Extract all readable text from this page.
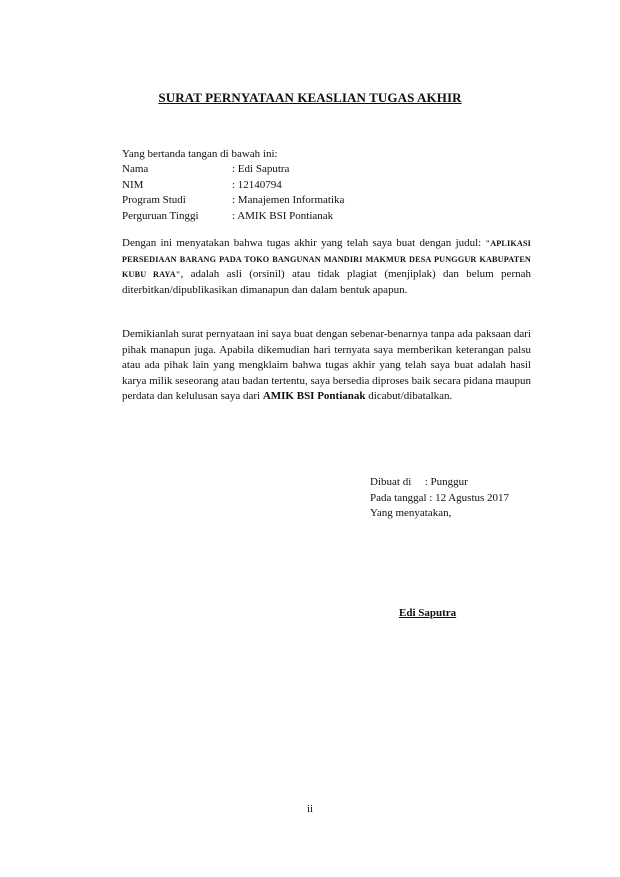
SURAT PERNYATAAN KEASLIAN TUGAS AKHIR
Yang bertanda tangan di bawah ini:
Nama	: Edi Saputra
NIM	: 12140794
Program Studi	: Manajemen Informatika
Perguruan Tinggi	: AMIK BSI Pontianak
Dengan ini menyatakan bahwa tugas akhir yang telah saya buat dengan judul: "APLIKASI PERSEDIAAN BARANG PADA TOKO BANGUNAN MANDIRI MAKMUR DESA PUNGGUR KABUPATEN KUBU RAYA", adalah asli (orsinil) atau tidak plagiat (menjiplak) dan belum pernah diterbitkan/dipublikasikan dimanapun dan dalam bentuk apapun.
Demikianlah surat pernyataan ini saya buat dengan sebenar-benarnya tanpa ada paksaan dari pihak manapun juga. Apabila dikemudian hari ternyata saya memberikan keterangan palsu atau ada pihak lain yang mengklaim bahwa tugas akhir yang telah saya buat adalah hasil karya milik seseorang atau badan tertentu, saya bersedia diproses baik secara pidana maupun perdata dan kelulusan saya dari AMIK BSI Pontianak dicabut/dibatalkan.
Dibuat di : Punggur
Pada tanggal : 12 Agustus 2017
Yang menyatakan,
Edi Saputra
ii
